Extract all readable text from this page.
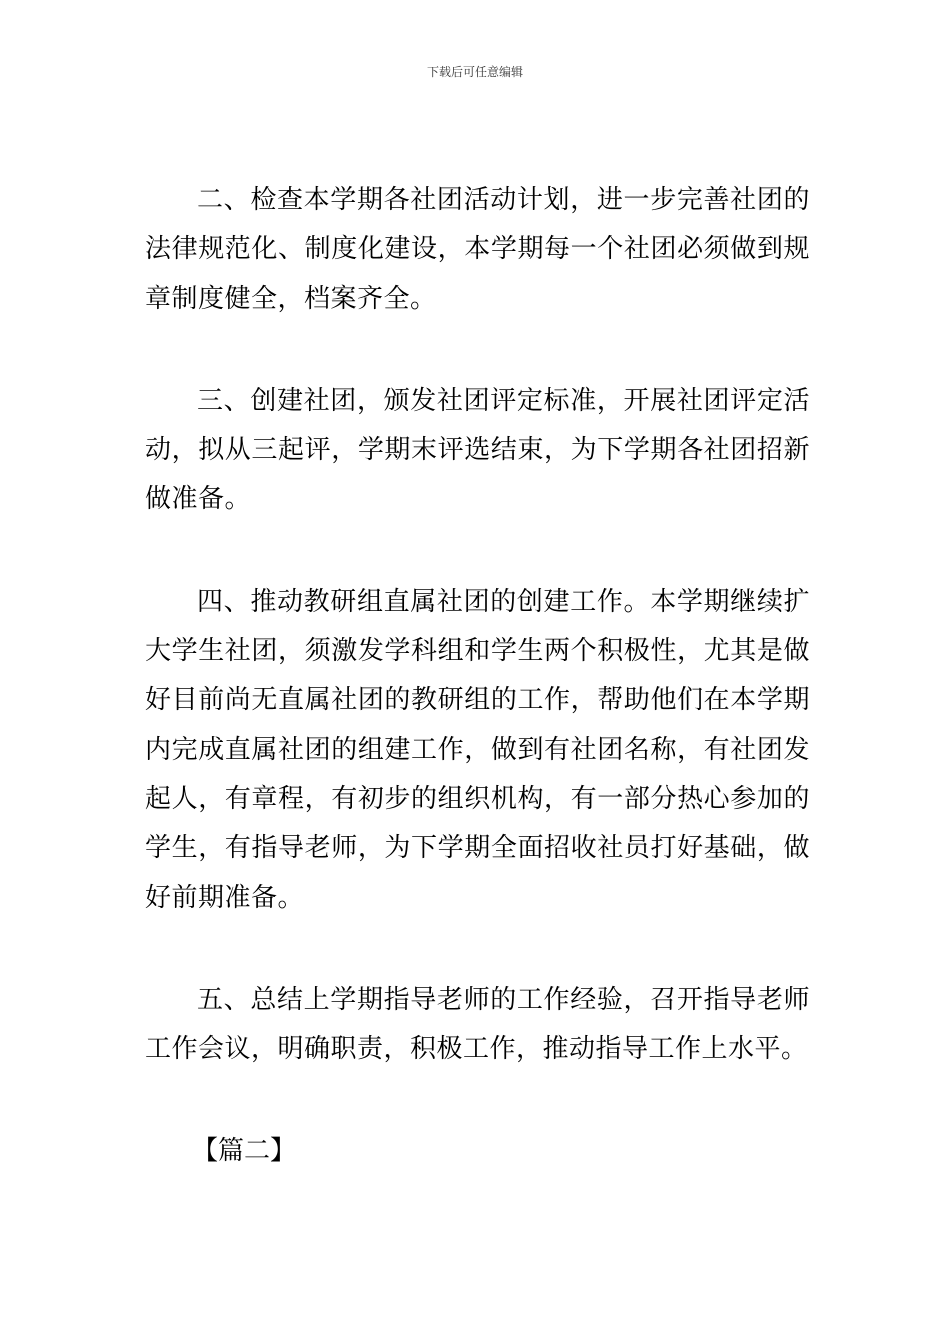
下载后可任意编辑

二、检查本学期各社团活动计划，进一步完善社团的法律规范化、制度化建设，本学期每一个社团必须做到规章制度健全，档案齐全。

三、创建社团，颁发社团评定标准，开展社团评定活动，拟从三起评，学期末评选结束，为下学期各社团招新做准备。

四、推动教研组直属社团的创建工作。本学期继续扩大学生社团，须激发学科组和学生两个积极性，尤其是做好目前尚无直属社团的教研组的工作，帮助他们在本学期内完成直属社团的组建工作，做到有社团名称，有社团发起人，有章程，有初步的组织机构，有一部分热心参加的学生，有指导老师，为下学期全面招收社员打好基础，做好前期准备。

五、总结上学期指导老师的工作经验，召开指导老师工作会议，明确职责，积极工作，推动指导工作上水平。

【篇二】
